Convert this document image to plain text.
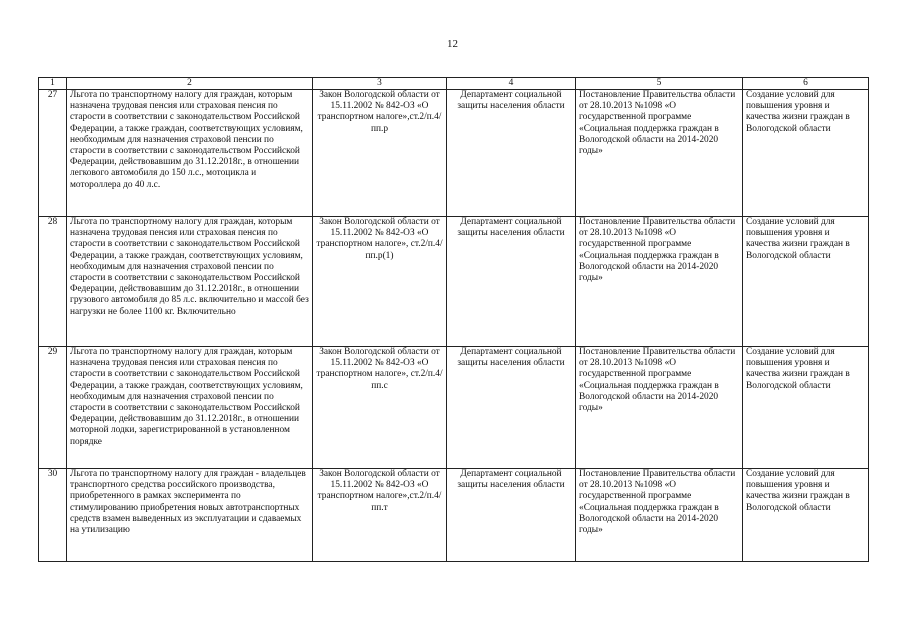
12
1	2	3	4	5	6
27	Льгота по транспортному налогу для граждан, которым назначена трудовая пенсия или страховая пенсия по старости в соответствии с законодательством Российской Федерации, а также граждан, соответствующих условиям, необходимым для назначения страховой пенсии по старости в соответствии с законодательством Российской Федерации, действовавшим до 31.12.2018г., в отношении легкового автомобиля до 150 л.с., мотоцикла и мотороллера до 40 л.с.	Закон Вологодской области от 15.11.2002 № 842-ОЗ «О транспортном налоге»,ст.2/п.4/пп.р	Департамент социальной защиты населения области	Постановление Правительства области от 28.10.2013 №1098 «О государственной программе «Социальная поддержка граждан в Вологодской области на 2014-2020 годы»	Создание условий для повышения уровня и качества жизни граждан в Вологодской области
28	Льгота по транспортному налогу для граждан, которым назначена трудовая пенсия или страховая пенсия по старости в соответствии с законодательством Российской Федерации, а также граждан, соответствующих условиям, необходимым для назначения страховой пенсии по старости в соответствии с законодательством Российской Федерации, действовавшим до 31.12.2018г., в отношении грузового автомобиля до 85 л.с. включительно и массой без нагрузки не более 1100 кг. Включительно	Закон Вологодской области от 15.11.2002 № 842-ОЗ «О транспортном налоге», ст.2/п.4/пп.р(1)	Департамент социальной защиты населения области	Постановление Правительства области от 28.10.2013 №1098 «О государственной программе «Социальная поддержка граждан в Вологодской области на 2014-2020 годы»	Создание условий для повышения уровня и качества жизни граждан в Вологодской области
29	Льгота по транспортному налогу для граждан, которым назначена трудовая пенсия или страховая пенсия по старости в соответствии с законодательством Российской Федерации, а также граждан, соответствующих условиям, необходимым для назначения страховой пенсии по старости в соответствии с законодательством Российской Федерации, действовавшим до 31.12.2018г., в отношении моторной лодки, зарегистрированной в установленном порядке	Закон Вологодской области от 15.11.2002 № 842-ОЗ «О транспортном налоге», ст.2/п.4/пп.с	Департамент социальной защиты населения области	Постановление Правительства области от 28.10.2013 №1098 «О государственной программе «Социальная поддержка граждан в Вологодской области на 2014-2020 годы»	Создание условий для повышения уровня и качества жизни граждан в Вологодской области
30	Льгота по транспортному налогу для граждан - владельцев транспортного средства российского производства, приобретенного в рамках эксперимента по стимулированию приобретения новых автотранспортных средств взамен выведенных из эксплуатации и сдаваемых на утилизацию	Закон Вологодской области от 15.11.2002 № 842-ОЗ «О транспортном налоге»,ст.2/п.4/пп.т	Департамент социальной защиты населения области	Постановление Правительства области от 28.10.2013 №1098 «О государственной программе «Социальная поддержка граждан в Вологодской области на 2014-2020 годы»	Создание условий для повышения уровня и качества жизни граждан в Вологодской области
